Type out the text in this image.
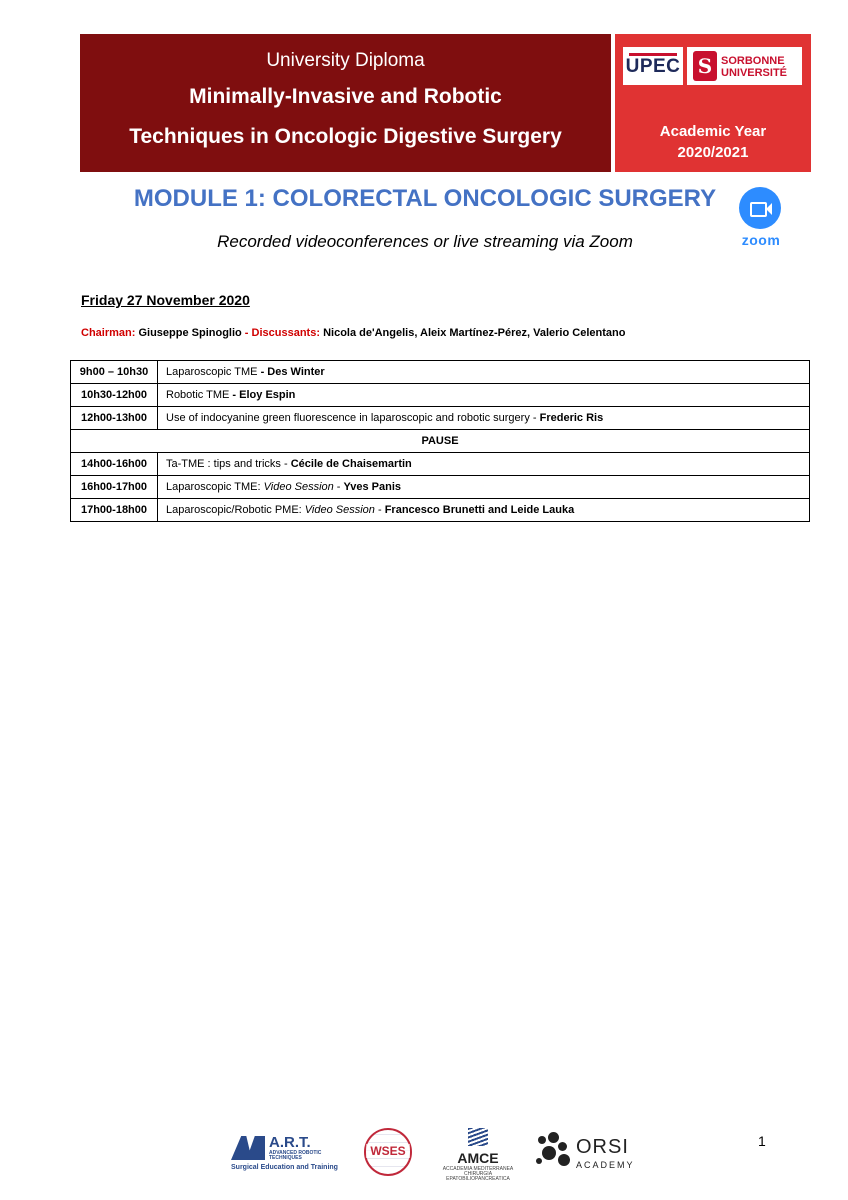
University Diploma
Minimally-Invasive and Robotic
Techniques in Oncologic Digestive Surgery
UPEC S	SORBONNE
UNIVERSITÉ
Academic Year
2020/2021
MODULE 1: COLORECTAL ONCOLOGIC SURGERY
Recorded videoconferences or live streaming via Zoom	zoom
Friday 27 November 2020
Chairman: Giuseppe Spinoglio - Discussants: Nicola de'Angelis, Aleix Martínez-Pérez, Valerio Celentano
9h00 – 10h30	Laparoscopic TME - Des Winter
10h30-12h00	Robotic TME - Eloy Espin
12h00-13h00	Use of indocyanine green fluorescence in laparoscopic and robotic surgery - Frederic Ris
PAUSE	
14h00-16h00	Ta-TME : tips and tricks - Cécile de Chaisemartin
16h00-17h00	Laparoscopic TME: Video Session - Yves Panis
17h00-18h00	Laparoscopic/Robotic PME: Video Session - Francesco Brunetti and Leide Lauka
A.R.T.
ADVANCED ROBOTIC TECHNIQUES
Surgical Education and Training
WSES	AMCE
ACCADEMIA MEDITERRANEA CHIRURGIA EPATOBILIOPANCREATICA
ORSI
ACADEMY
1
